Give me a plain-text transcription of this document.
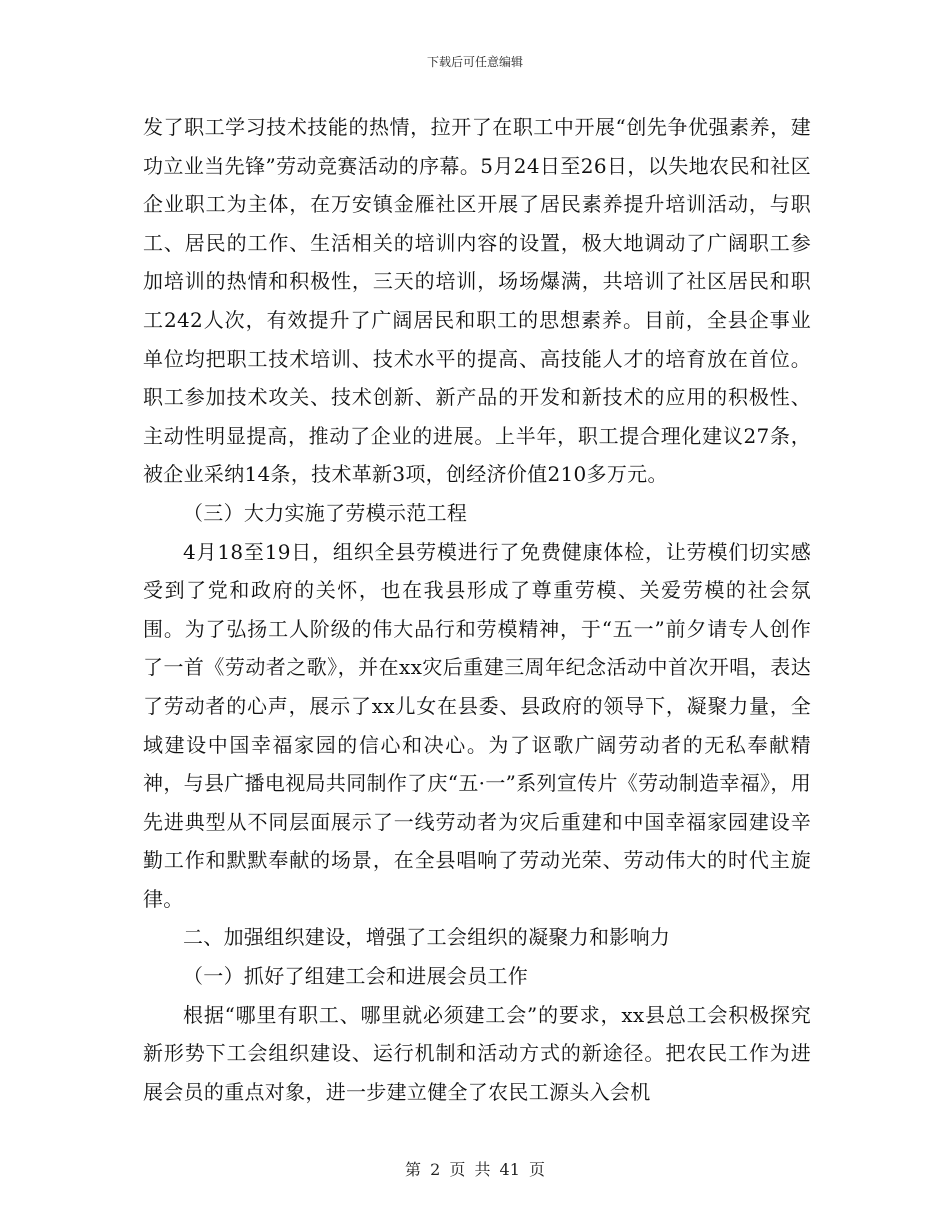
下载后可任意编辑

发了职工学习技术技能的热情，拉开了在职工中开展“创先争优强素养，建功立业当先锋”劳动竞赛活动的序幕。5月24日至26日，以失地农民和社区企业职工为主体，在万安镇金雁社区开展了居民素养提升培训活动，与职工、居民的工作、生活相关的培训内容的设置，极大地调动了广阔职工参加培训的热情和积极性，三天的培训，场场爆满，共培训了社区居民和职工242人次，有效提升了广阔居民和职工的思想素养。目前，全县企事业单位均把职工技术培训、技术水平的提高、高技能人才的培育放在首位。职工参加技术攻关、技术创新、新产品的开发和新技术的应用的积极性、主动性明显提高，推动了企业的进展。上半年，职工提合理化建议27条，被企业采纳14条，技术革新3项，创经济价值210多万元。

（三）大力实施了劳模示范工程

4月18至19日，组织全县劳模进行了免费健康体检，让劳模们切实感受到了党和政府的关怀，也在我县形成了尊重劳模、关爱劳模的社会氛围。为了弘扬工人阶级的伟大品行和劳模精神，于“五一”前夕请专人创作了一首《劳动者之歌》，并在xx灾后重建三周年纪念活动中首次开唱，表达了劳动者的心声，展示了xx儿女在县委、县政府的领导下，凝聚力量，全域建设中国幸福家园的信心和决心。为了讴歌广阔劳动者的无私奉献精神，与县广播电视局共同制作了庆“五·一”系列宣传片《劳动制造幸福》，用先进典型从不同层面展示了一线劳动者为灾后重建和中国幸福家园建设辛勤工作和默默奉献的场景，在全县唱响了劳动光荣、劳动伟大的时代主旋律。

二、加强组织建设，增强了工会组织的凝聚力和影响力

（一）抓好了组建工会和进展会员工作

根据“哪里有职工、哪里就必须建工会”的要求，xx县总工会积极探究新形势下工会组织建设、运行机制和活动方式的新途径。把农民工作为进展会员的重点对象，进一步建立健全了农民工源头入会机

第 2 页 共 41 页
